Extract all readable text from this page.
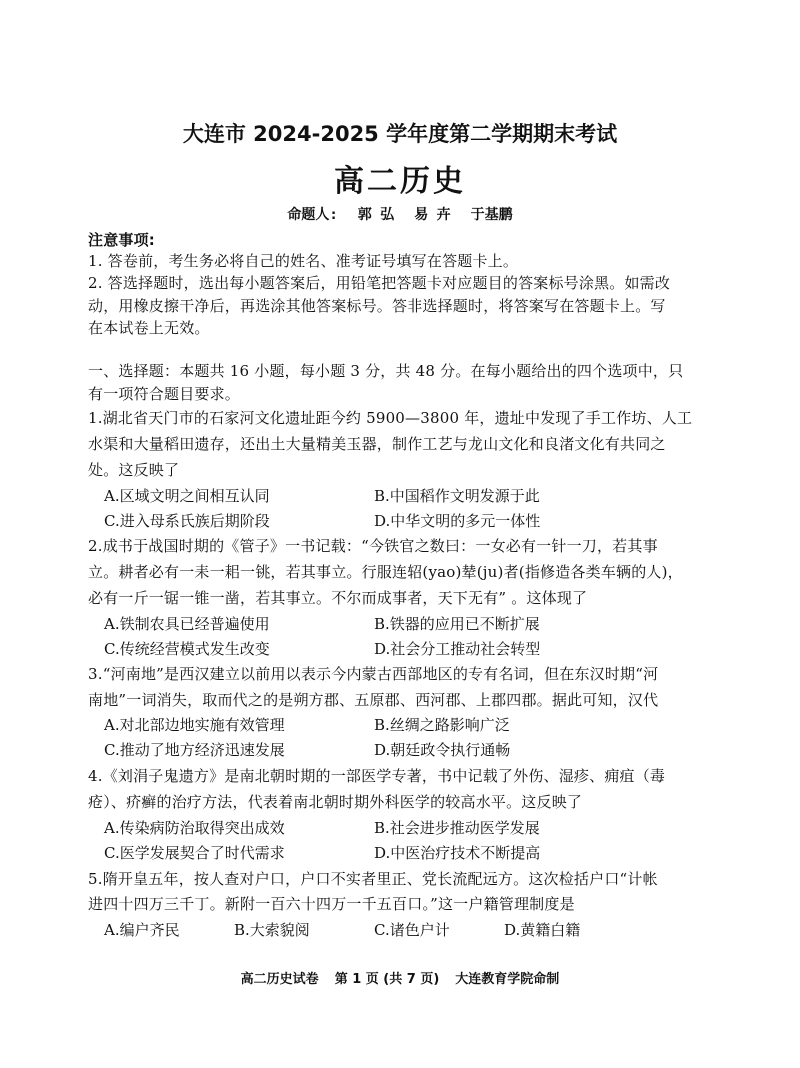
大连市 2024-2025 学年度第二学期期末考试
高二历史
命题人: 郭 弘 易 卉 于基鹏
注意事项:
1. 答卷前，考生务必将自己的姓名、准考证号填写在答题卡上。
2. 答选择题时，选出每小题答案后，用铅笔把答题卡对应题目的答案标号涂黑。如需改
动，用橡皮擦干净后，再选涂其他答案标号。答非选择题时，将答案写在答题卡上。写
在本试卷上无效。
一、选择题：本题共 16 小题，每小题 3 分，共 48 分。在每小题给出的四个选项中，只
有一项符合题目要求。
1.湖北省天门市的石家河文化遗址距今约 5900—3800 年，遗址中发现了手工作坊、人工
水渠和大量稻田遗存，还出土大量精美玉器，制作工艺与龙山文化和良渚文化有共同之
处。这反映了
A.区域文明之间相互认同	B.中国稻作文明发源于此
C.进入母系氏族后期阶段	D.中华文明的多元一体性
2.成书于战国时期的《管子》一书记载：“今铁官之数曰：一女必有一针一刀，若其事
立。耕者必有一耒一耜一铫，若其事立。行服连轺(yao)辇(ju)者(指修造各类车辆的人)，
必有一斤一锯一锥一凿，若其事立。不尔而成事者，天下无有” 。这体现了
A.铁制农具已经普遍使用	B.铁器的应用已不断扩展
C.传统经营模式发生改变	D.社会分工推动社会转型
3.“河南地”是西汉建立以前用以表示今内蒙古西部地区的专有名词，但在东汉时期“河
南地”一词消失，取而代之的是朔方郡、五原郡、西河郡、上郡四郡。据此可知，汉代
A.对北部边地实施有效管理	B.丝绸之路影响广泛
C.推动了地方经济迅速发展	D.朝廷政令执行通畅
4.《刘涓子鬼遗方》是南北朝时期的一部医学专著，书中记载了外伤、湿疹、痈疽（毒
疮）、疥癣的治疗方法，代表着南北朝时期外科医学的较高水平。这反映了
A.传染病防治取得突出成效	B.社会进步推动医学发展
C.医学发展契合了时代需求	D.中医治疗技术不断提高
5.隋开皇五年，按人查对户口，户口不实者里正、党长流配远方。这次检括户口“计帐
进四十四万三千丁。新附一百六十四万一千五百口。”这一户籍管理制度是
A.编户齐民	B.大索貌阅	C.诸色户计	D.黄籍白籍
高二历史试卷 第 1 页 (共 7 页) 大连教育学院命制
